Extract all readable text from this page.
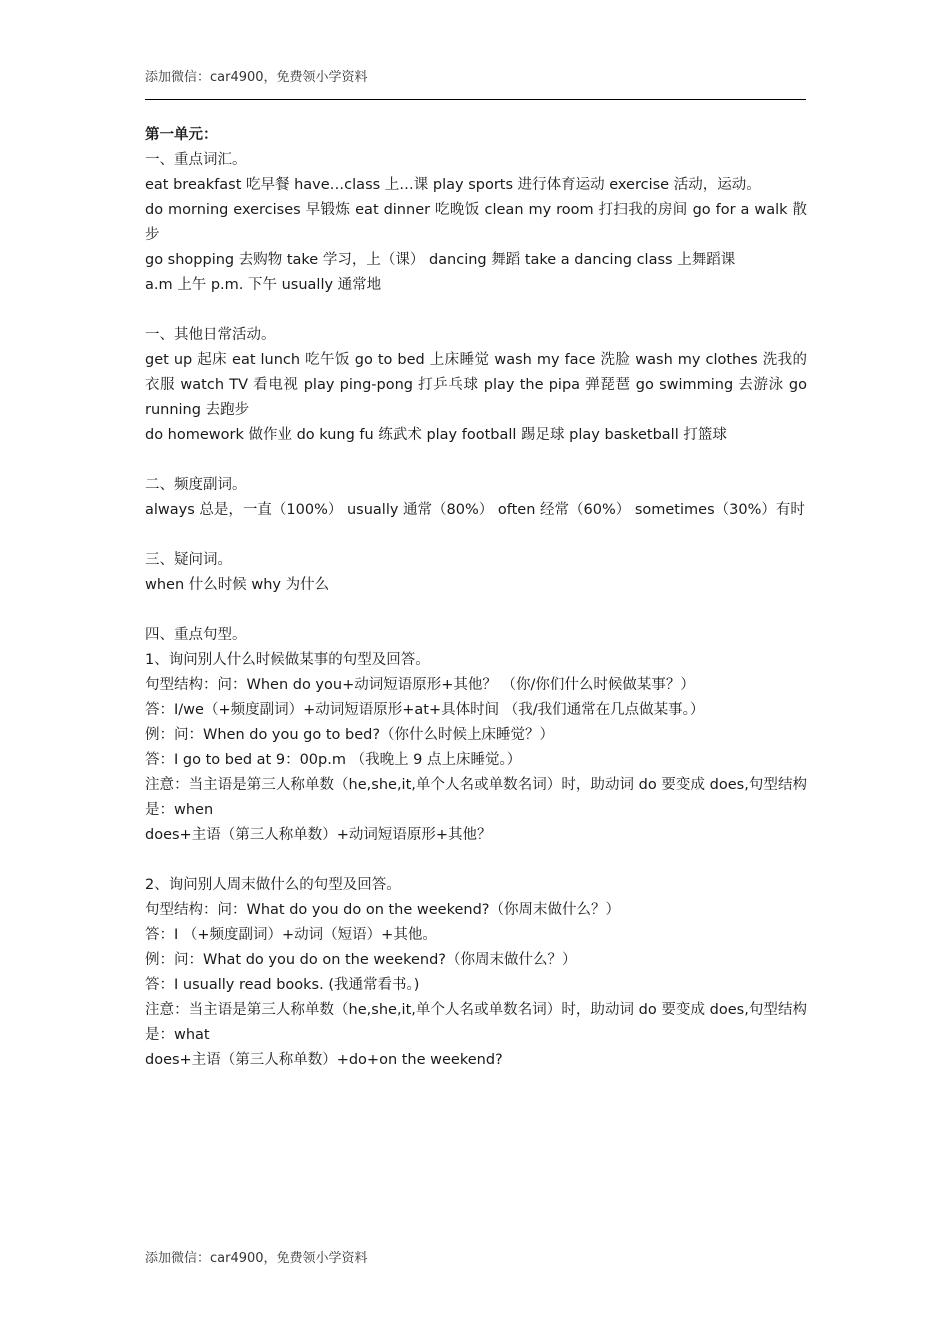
添加微信：car4900，免费领小学资料

第一单元：

一、重点词汇。

eat breakfast 吃早餐 have…class 上…课 play sports 进行体育运动 exercise 活动，运动。

do morning exercises 早锻炼 eat dinner 吃晚饭 clean my room 打扫我的房间 go for a walk 散步

go shopping 去购物 take 学习，上（课） dancing 舞蹈 take a dancing class 上舞蹈课

a.m 上午 p.m. 下午 usually 通常地

一、其他日常活动。

get up 起床 eat lunch 吃午饭 go to bed 上床睡觉 wash my face 洗脸 wash my clothes 洗我的衣服 watch TV 看电视 play ping-pong 打乒乓球 play the pipa 弹琵琶 go swimming 去游泳 go running 去跑步

do homework 做作业 do kung fu 练武术 play football 踢足球 play basketball 打篮球

二、频度副词。

always 总是，一直（100%） usually 通常（80%） often 经常（60%） sometimes（30%）有时

三、疑问词。

when 什么时候 why 为什么

四、重点句型。

1、询问别人什么时候做某事的句型及回答。

句型结构：问：When do you+动词短语原形+其他？ （你/你们什么时候做某事？）

答：I/we（+频度副词）+动词短语原形+at+具体时间 （我/我们通常在几点做某事。）

例：问：When do you go to bed?（你什么时候上床睡觉？）

答：I go to bed at 9：00p.m （我晚上 9 点上床睡觉。）

注意：当主语是第三人称单数（he,she,it,单个人名或单数名词）时，助动词 do 要变成 does,句型结构是：when

does+主语（第三人称单数）+动词短语原形+其他？

2、询问别人周末做什么的句型及回答。

句型结构：问：What do you do on the weekend?（你周末做什么？）

答：I （+频度副词）+动词（短语）+其他。

例：问：What do you do on the weekend?（你周末做什么？）

答：I usually read books. (我通常看书。)

注意：当主语是第三人称单数（he,she,it,单个人名或单数名词）时，助动词 do 要变成 does,句型结构是：what

does+主语（第三人称单数）+do+on the weekend?

添加微信：car4900，免费领小学资料
